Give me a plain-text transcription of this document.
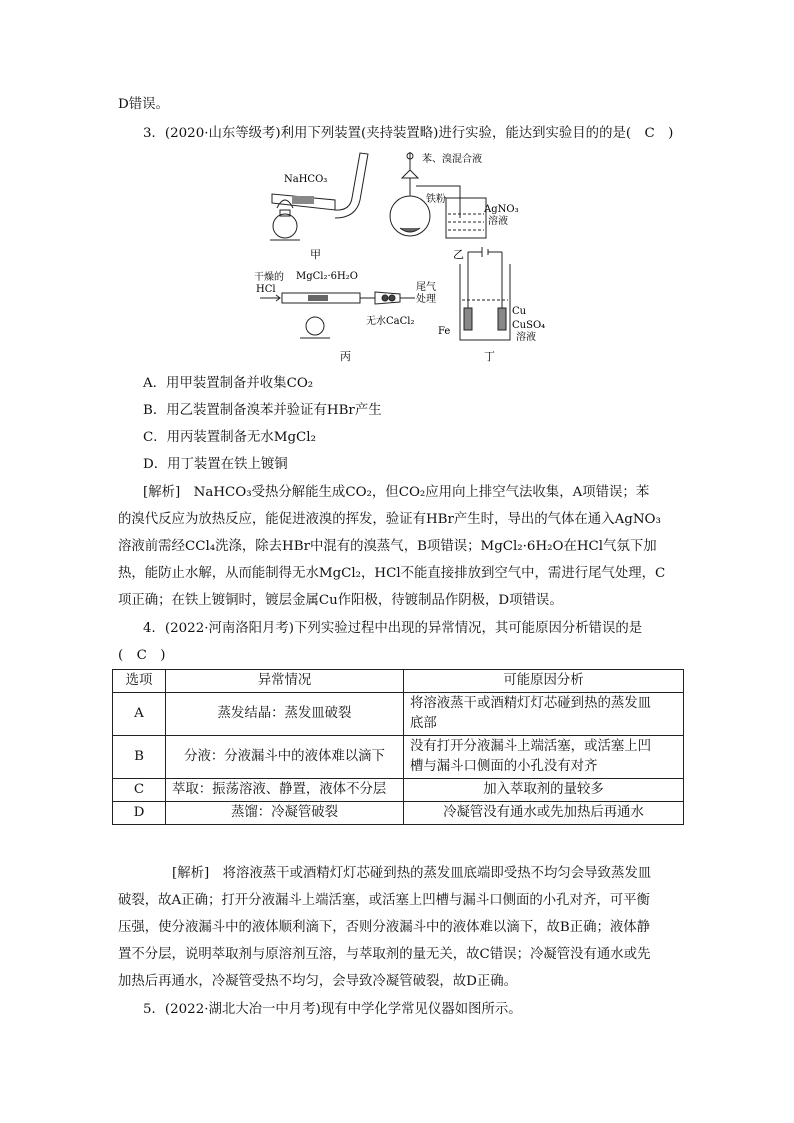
D错误。
3．(2020·山东等级考)利用下列装置(夹持装置略)进行实验，能达到实验目的的是(　C　)
NaHCO₃
甲
苯、溴混合液
铁粉
AgNO₃
溶液
乙
干燥的
HCl
MgCl₂·6H₂O
尾气
处理
无水CaCl₂
丙
Cu
Fe
CuSO₄
溶液
丁
A．用甲装置制备并收集CO₂
B．用乙装置制备溴苯并验证有HBr产生
C．用丙装置制备无水MgCl₂
D．用丁装置在铁上镀铜
[解析]　NaHCO₃受热分解能生成CO₂，但CO₂应用向上排空气法收集，A项错误；苯
的溴代反应为放热反应，能促进液溴的挥发，验证有HBr产生时，导出的气体在通入AgNO₃
溶液前需经CCl₄洗涤，除去HBr中混有的溴蒸气，B项错误；MgCl₂·6H₂O在HCl气氛下加
热，能防止水解，从而能制得无水MgCl₂，HCl不能直接排放到空气中，需进行尾气处理，C
项正确；在铁上镀铜时，镀层金属Cu作阳极，待镀制品作阴极，D项错误。
4．(2022·河南洛阳月考)下列实验过程中出现的异常情况，其可能原因分析错误的是
(　C　)
选项	异常情况	可能原因分析
A	蒸发结晶：蒸发皿破裂	将溶液蒸干或酒精灯灯芯碰到热的蒸发皿
底部
B	分液：分液漏斗中的液体难以滴下	没有打开分液漏斗上端活塞，或活塞上凹
槽与漏斗口侧面的小孔没有对齐
C	萃取：振荡溶液、静置，液体不分层	加入萃取剂的量较多
D	蒸馏：冷凝管破裂	冷凝管没有通水或先加热后再通水
[解析]　将溶液蒸干或酒精灯灯芯碰到热的蒸发皿底端即受热不均匀会导致蒸发皿
破裂，故A正确；打开分液漏斗上端活塞，或活塞上凹槽与漏斗口侧面的小孔对齐，可平衡
压强，使分液漏斗中的液体顺利滴下，否则分液漏斗中的液体难以滴下，故B正确；液体静
置不分层，说明萃取剂与原溶剂互溶，与萃取剂的量无关，故C错误；冷凝管没有通水或先
加热后再通水，冷凝管受热不均匀，会导致冷凝管破裂，故D正确。
5．(2022·湖北大冶一中月考)现有中学化学常见仪器如图所示。
